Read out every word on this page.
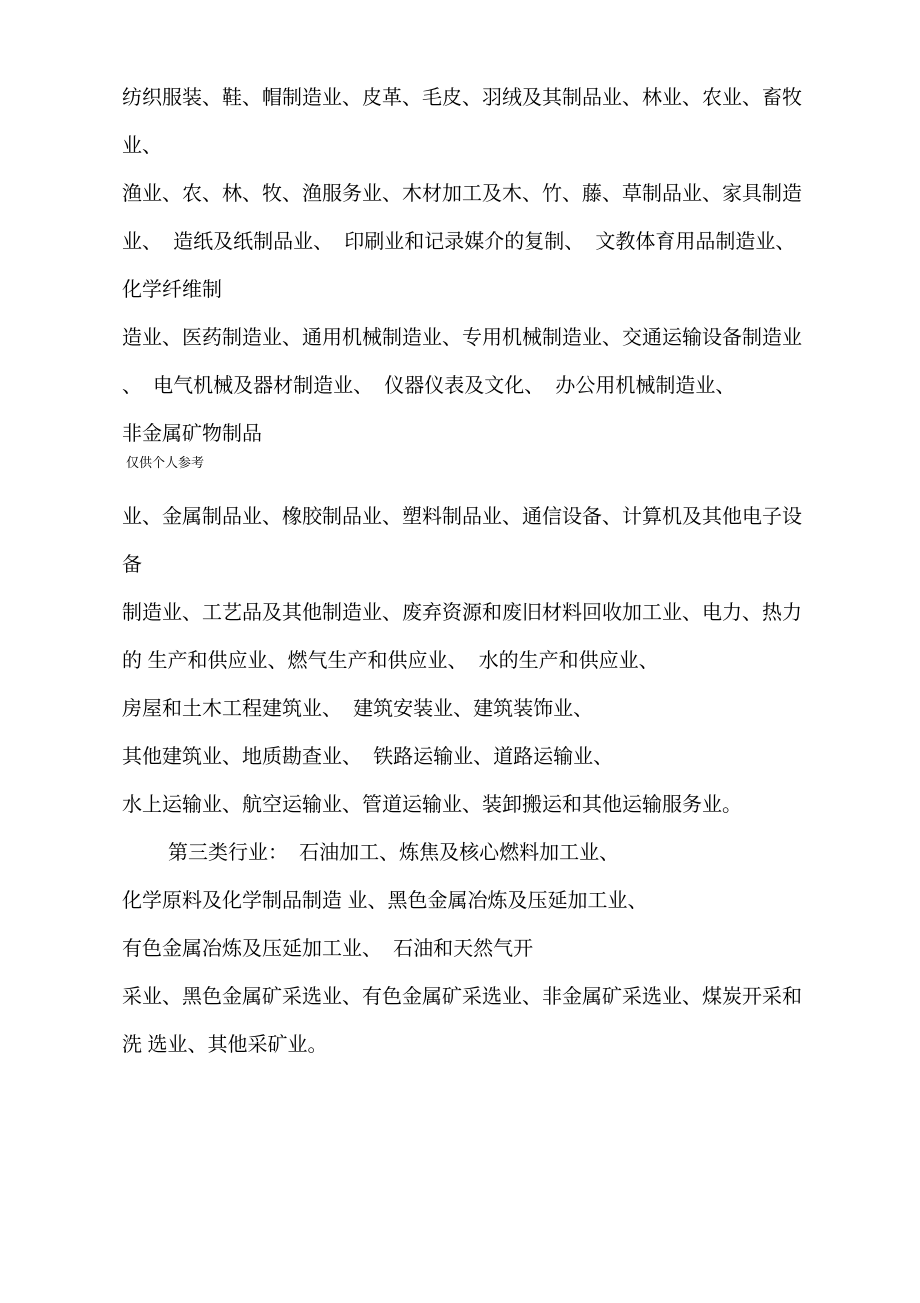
纺织服装、鞋、帽制造业、皮革、毛皮、羽绒及其制品业、林业、农业、畜牧
业、
渔业、农、林、牧、渔服务业、木材加工及木、竹、藤、草制品业、家具制造
业、  造纸及纸制品业、  印刷业和记录媒介的复制、  文教体育用品制造业、
化学纤维制
造业、医药制造业、通用机械制造业、专用机械制造业、交通运输设备制造业
、  电气机械及器材制造业、  仪器仪表及文化、  办公用机械制造业、
非金属矿物制品
仅供个人参考
业、金属制品业、橡胶制品业、塑料制品业、通信设备、计算机及其他电子设
备
制造业、工艺品及其他制造业、废弃资源和废旧材料回收加工业、电力、热力
的 生产和供应业、燃气生产和供应业、  水的生产和供应业、
房屋和土木工程建筑业、  建筑安装业、建筑装饰业、
其他建筑业、地质勘查业、  铁路运输业、道路运输业、
水上运输业、航空运输业、管道运输业、装卸搬运和其他运输服务业。
第三类行业：  石油加工、炼焦及核心燃料加工业、
化学原料及化学制品制造 业、黑色金属冶炼及压延加工业、
有色金属冶炼及压延加工业、  石油和天然气开
采业、黑色金属矿采选业、有色金属矿采选业、非金属矿采选业、煤炭开采和
洗 选业、其他采矿业。
